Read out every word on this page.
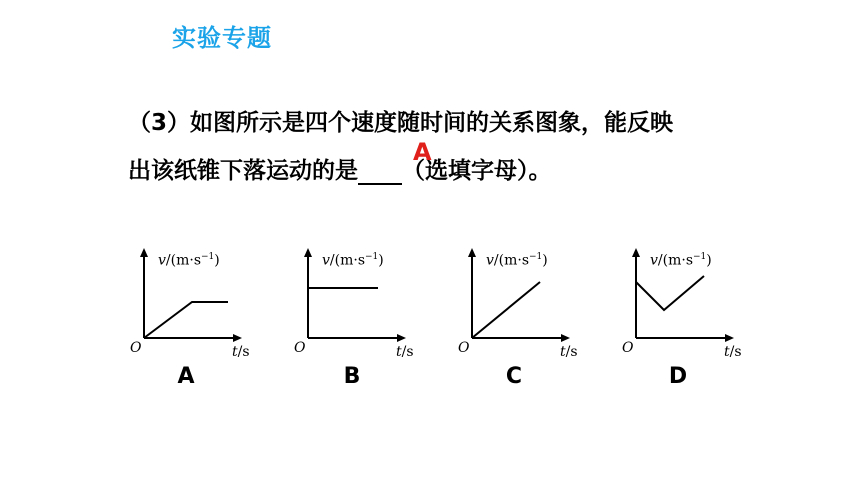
实验专题
（3）如图所示是四个速度随时间的关系图象，能反映
出该纸锥下落运动的是 （选填字母）。
A
$v/(m\cdot s^{-1})$
O	t/s
A
$v/(m\cdot s^{-1})$
O	t/s
B
$v/(m\cdot s^{-1})$
O	t/s
C
$v/(m\cdot s^{-1})$
O	t/s
D
